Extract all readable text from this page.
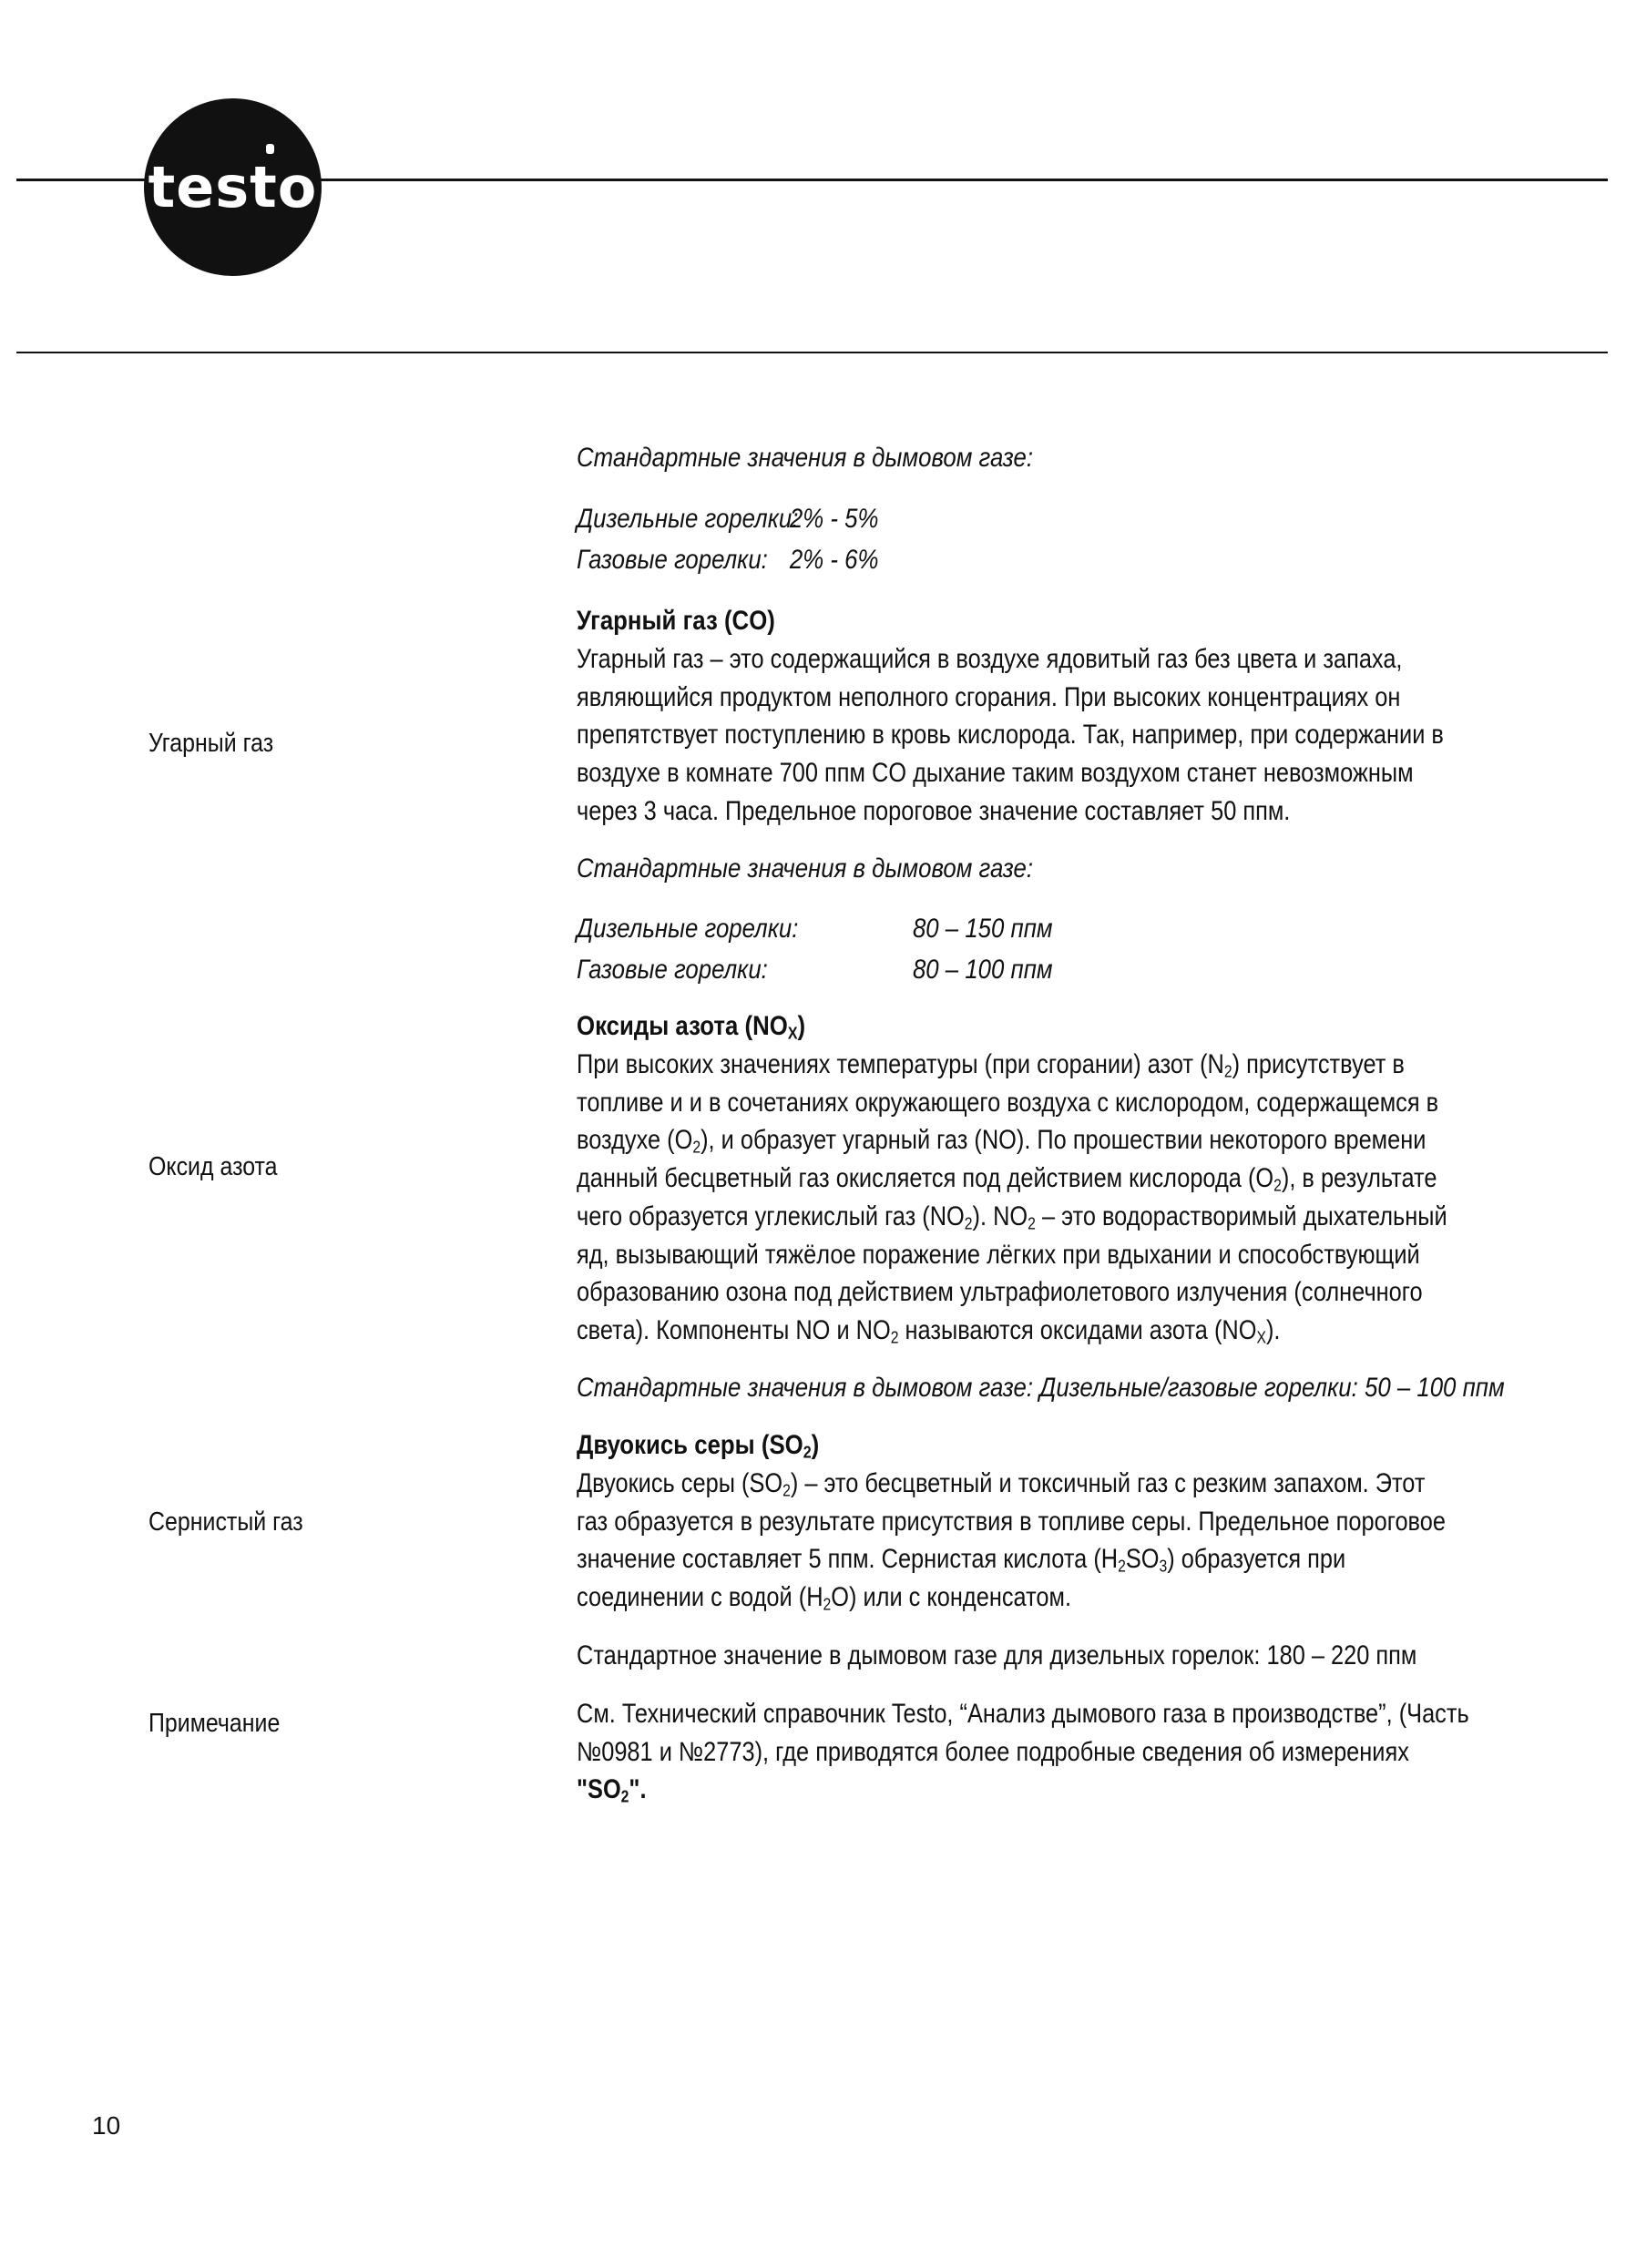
testo
Угарный газ
Оксид азота
Сернистый газ
Примечание
Стандартные значения в дымовом газе:
Дизельные горелки:
2% - 5%
Газовые горелки: 2% - 6%
Угарный газ (CO)
Угарный газ – это содержащийся в воздухе ядовитый газ без цвета и запаха,
являющийся продуктом неполного сгорания. При высоких концентрациях он
препятствует поступлению в кровь кислорода. Так, например, при содержании в
воздухе в комнате 700 ппм CO дыхание таким воздухом станет невозможным
через 3 часа. Предельное пороговое значение составляет 50 ппм.
Стандартные значения в дымовом газе:
Дизельные горелки:	80 – 150 ппм
Газовые горелки:	80 – 100 ппм
Оксиды азота $(NO_X)$
При высоких значениях температуры (при сгорании) азот $(N_2)$ присутствует в
топливе и и в сочетаниях окружающего воздуха с кислородом, содержащемся в
воздухе $(O_2)$, и образует угарный газ (NO). По прошествии некоторого времени
данный бесцветный газ окисляется под действием кислорода $(O_2)$, в результате
чего образуется углекислый газ $(NO_2)$. $NO_2$ – это водорастворимый дыхательный
яд, вызывающий тяжёлое поражение лёгких при вдыхании и способствующий
образованию озона под действием ультрафиолетового излучения (солнечного
света). Компоненты NO и $NO_2$ называются оксидами азота $(NO_X)$.
Стандартные значения в дымовом газе: Дизельные/газовые горелки: 50 – 100 ппм
Двуокись серы $(SO_2)$
Двуокись серы $(SO_2)$ – это бесцветный и токсичный газ с резким запахом. Этот
газ образуется в результате присутствия в топливе серы. Предельное пороговое
значение составляет 5 ппм. Сернистая кислота $(H_2SO_3)$ образуется при
соединении с водой $(H_2O)$ или с конденсатом.
Стандартное значение в дымовом газе для дизельных горелок: 180 – 220 ппм
См. Технический справочник Testo, “Анализ дымового газа в производстве”, (Часть
№0981 и №2773), где приводятся более подробные сведения об измерениях
"$SO_2$".
10
